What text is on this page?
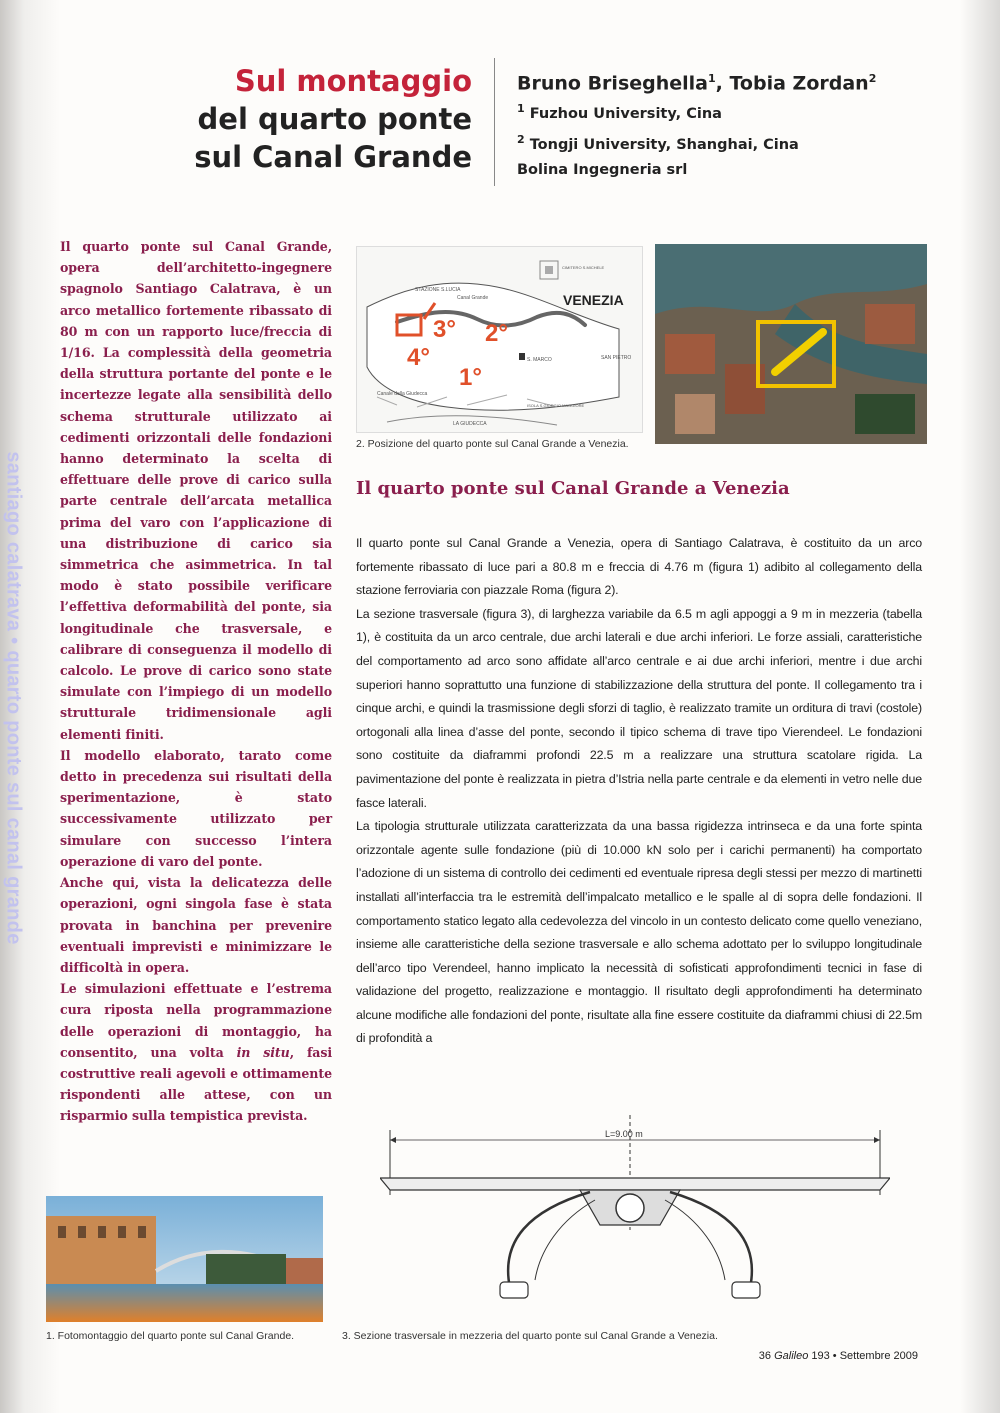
santiago calatrava • quarto ponte sul canal grande
Sul montaggio
del quarto ponte
sul Canal Grande
Bruno Briseghella$^1$, Tobia Zordan$^2$
$^1$ Fuzhou University, Cina
$^2$ Tongji University, Shanghai, Cina
Bolina Ingegneria srl

Il quarto ponte sul Canal Grande, opera dell’architetto-ingegnere spagnolo Santiago Calatrava, è un arco metallico fortemente ribassato di 80 m con un rapporto luce/freccia di 1/16. La complessità della geometria della struttura portante del ponte e le incertezze legate alla sensibilità dello schema strutturale utilizzato ai cedimenti orizzontali delle fondazioni hanno determinato la scelta di effettuare delle prove di carico sulla parte centrale dell’arcata metallica prima del varo con l’applicazione di una distribuzione di carico sia simmetrica che asimmetrica. In tal modo è stato possibile verificare l’effettiva deformabilità del ponte, sia longitudinale che trasversale, e calibrare di conseguenza il modello di calcolo. Le prove di carico sono state simulate con l’impiego di un modello strutturale tridimensionale agli elementi finiti.

Il modello elaborato, tarato come detto in precedenza sui risultati della sperimentazione, è stato successivamente utilizzato per simulare con successo l’intera operazione di varo del ponte.

Anche qui, vista la delicatezza delle operazioni, ogni singola fase è stata provata in banchina per prevenire eventuali imprevisti e minimizzare le difficoltà in opera.

Le simulazioni effettuate e l’estrema cura riposta nella programmazione delle operazioni di montaggio, ha consentito, una volta in situ, fasi costruttive reali agevoli e ottimamente rispondenti alle attese, con un risparmio sulla tempistica prevista.

3° 2°
4°
1°
VENEZIA
CIMITERO S.MICHELE
STAZIONE S.LUCIA
Canal Grande
S. MARCO
Canale della Giudecca
LA GIUDECCA
SAN PIETRO
ISOLA S.GIORGIO MAGGIORE
2. Posizione del quarto ponte sul Canal Grande a Venezia.
Il quarto ponte sul Canal Grande a Venezia

Il quarto ponte sul Canal Grande a Venezia, opera di Santiago Calatrava, è costituito da un arco fortemente ribassato di luce pari a 80.8 m e freccia di 4.76 m (figura 1) adibito al collegamento della stazione ferroviaria con piazzale Roma (figura 2).

La sezione trasversale (figura 3), di larghezza variabile da 6.5 m agli appoggi a 9 m in mezzeria (tabella 1), è costituita da un arco centrale, due archi laterali e due archi inferiori. Le forze assiali, caratteristiche del comportamento ad arco sono affidate all’arco centrale e ai due archi inferiori, mentre i due archi superiori hanno soprattutto una funzione di stabilizzazione della struttura del ponte. Il collegamento tra i cinque archi, e quindi la trasmissione degli sforzi di taglio, è realizzato tramite un orditura di travi (costole) ortogonali alla linea d’asse del ponte, secondo il tipico schema di trave tipo Vierendeel. Le fondazioni sono costituite da diaframmi profondi 22.5 m a realizzare una struttura scatolare rigida. La pavimentazione del ponte è realizzata in pietra d’Istria nella parte centrale e da elementi in vetro nelle due fasce laterali.

La tipologia strutturale utilizzata caratterizzata da una bassa rigidezza intrinseca e da una forte spinta orizzontale agente sulle fondazione (più di 10.000 kN solo per i carichi permanenti) ha comportato l’adozione di un sistema di controllo dei cedimenti ed eventuale ripresa degli stessi per mezzo di martinetti installati all’interfaccia tra le estremità dell’impalcato metallico e le spalle al di sopra delle fondazioni. Il comportamento statico legato alla cedevolezza del vincolo in un contesto delicato come quello veneziano, insieme alle caratteristiche della sezione trasversale e allo schema adottato per lo sviluppo longitudinale dell’arco tipo Verendeel, hanno implicato la necessità di sofisticati approfondimenti tecnici in fase di validazione del progetto, realizzazione e montaggio. Il risultato degli approfondimenti ha determinato alcune modifiche alle fondazioni del ponte, risultate alla fine essere costituite da diaframmi chiusi di 22.5m di profondità a

L=9.00 m
3. Sezione trasversale in mezzeria del quarto ponte sul Canal Grande a Venezia.
1. Fotomontaggio del quarto ponte sul Canal Grande.
36 Galileo 193 • Settembre 2009
